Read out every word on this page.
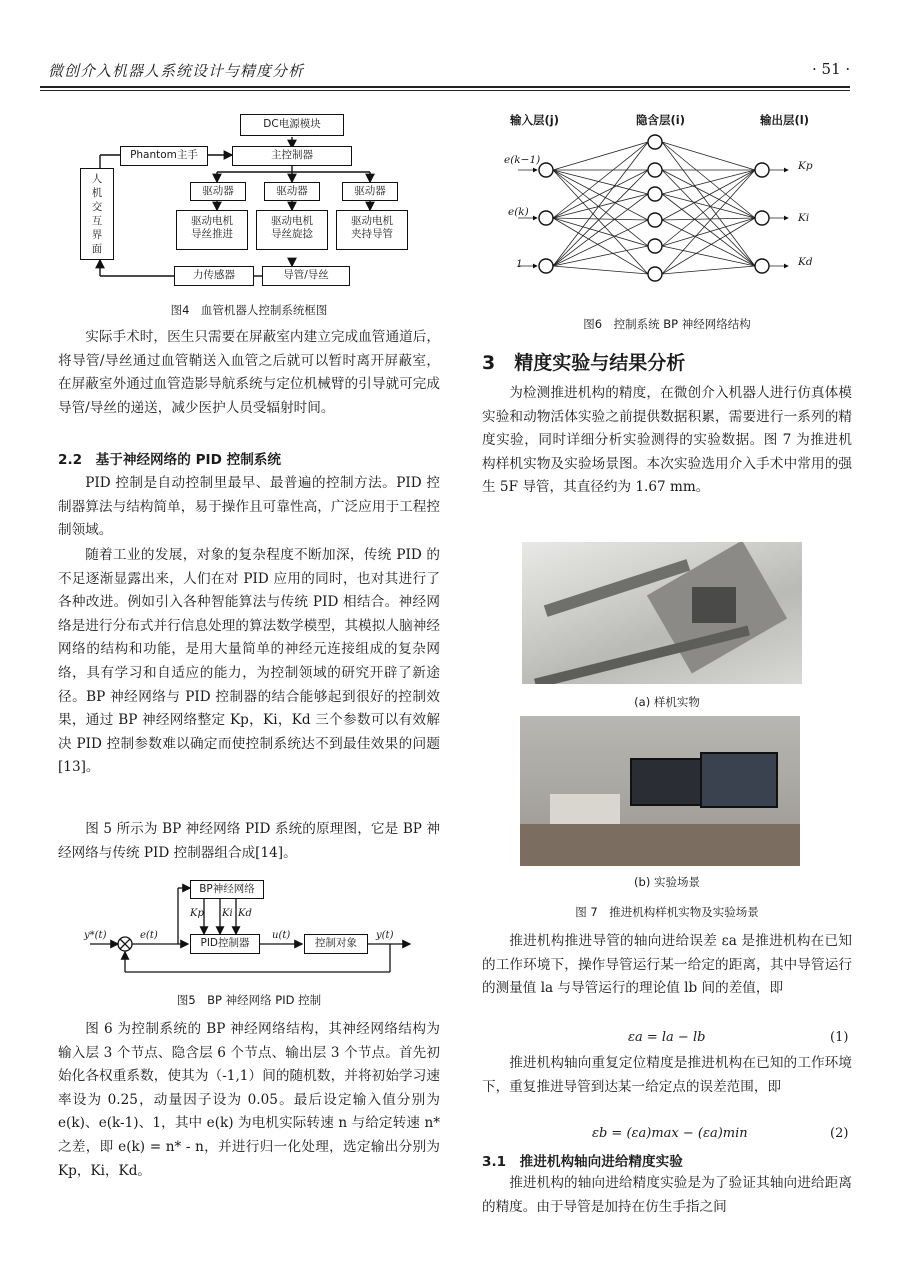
微创介入机器人系统设计与精度分析	· 51 ·
DC电源模块
Phantom主手	主控制器
人
机
交
互
界
面
驱动器	驱动器	驱动器
驱动电机
导丝推进
驱动电机
导丝旋捻
驱动电机
夹持导管
力传感器	导管/导丝
图4　血管机器人控制系统框图

实际手术时，医生只需要在屏蔽室内建立完成血管通道后，将导管/导丝通过血管鞘送入血管之后就可以暂时离开屏蔽室，在屏蔽室外通过血管造影导航系统与定位机械臂的引导就可完成导管/导丝的递送，减少医护人员受辐射时间。

2.2　基于神经网络的 PID 控制系统

PID 控制是自动控制里最早、最普遍的控制方法。PID 控制器算法与结构简单，易于操作且可靠性高，广泛应用于工程控制领域。

随着工业的发展，对象的复杂程度不断加深，传统 PID 的不足逐渐显露出来，人们在对 PID 应用的同时，也对其进行了各种改进。例如引入各种智能算法与传统 PID 相结合。神经网络是进行分布式并行信息处理的算法数学模型，其模拟人脑神经网络的结构和功能，是用大量简单的神经元连接组成的复杂网络，具有学习和自适应的能力，为控制领域的研究开辟了新途径。BP 神经网络与 PID 控制器的结合能够起到很好的控制效果，通过 BP 神经网络整定 Kp，Ki，Kd 三个参数可以有效解决 PID 控制参数难以确定而使控制系统达不到最佳效果的问题[13]。

图 5 所示为 BP 神经网络 PID 系统的原理图，它是 BP 神经网络与传统 PID 控制器组合成[14]。

BP神经网络
Kp Ki Kd
PID控制器	控制对象
y*(t)	e(t)	u(t)	y(t)
图5　BP 神经网络 PID 控制

图 6 为控制系统的 BP 神经网络结构，其神经网络结构为输入层 3 个节点、隐含层 6 个节点、输出层 3 个节点。首先初始化各权重系数，使其为（-1,1）间的随机数，并将初始学习速率设为 0.25，动量因子设为 0.05。最后设定输入值分别为 e(k)、e(k-1)、1，其中 e(k) 为电机实际转速 n 与给定转速 n* 之差，即 e(k) = n* - n，并进行归一化处理，选定输出分别为 Kp，Ki，Kd。

输入层(j)	隐含层(i)	输出层(l)
e(k−1)
e(k)
1
Kp
Ki
Kd
图6　控制系统 BP 神经网络结构
3　精度实验与结果分析

为检测推进机构的精度，在微创介入机器人进行仿真体模实验和动物活体实验之前提供数据积累，需要进行一系列的精度实验，同时详细分析实验测得的实验数据。图 7 为推进机构样机实物及实验场景图。本次实验选用介入手术中常用的强生 5F 导管，其直径约为 1.67 mm。

(a) 样机实物
(b) 实验场景
图 7　推进机构样机实物及实验场景

推进机构推进导管的轴向进给误差 εa 是推进机构在已知的工作环境下，操作导管运行某一给定的距离，其中导管运行的测量值 la 与导管运行的理论值 lb 间的差值，即

εa = la − lb	(1)

推进机构轴向重复定位精度是推进机构在已知的工作环境下，重复推进导管到达某一给定点的误差范围，即

εb = (εa)max − (εa)min	(2)
3.1　推进机构轴向进给精度实验

推进机构的轴向进给精度实验是为了验证其轴向进给距离的精度。由于导管是加持在仿生手指之间
